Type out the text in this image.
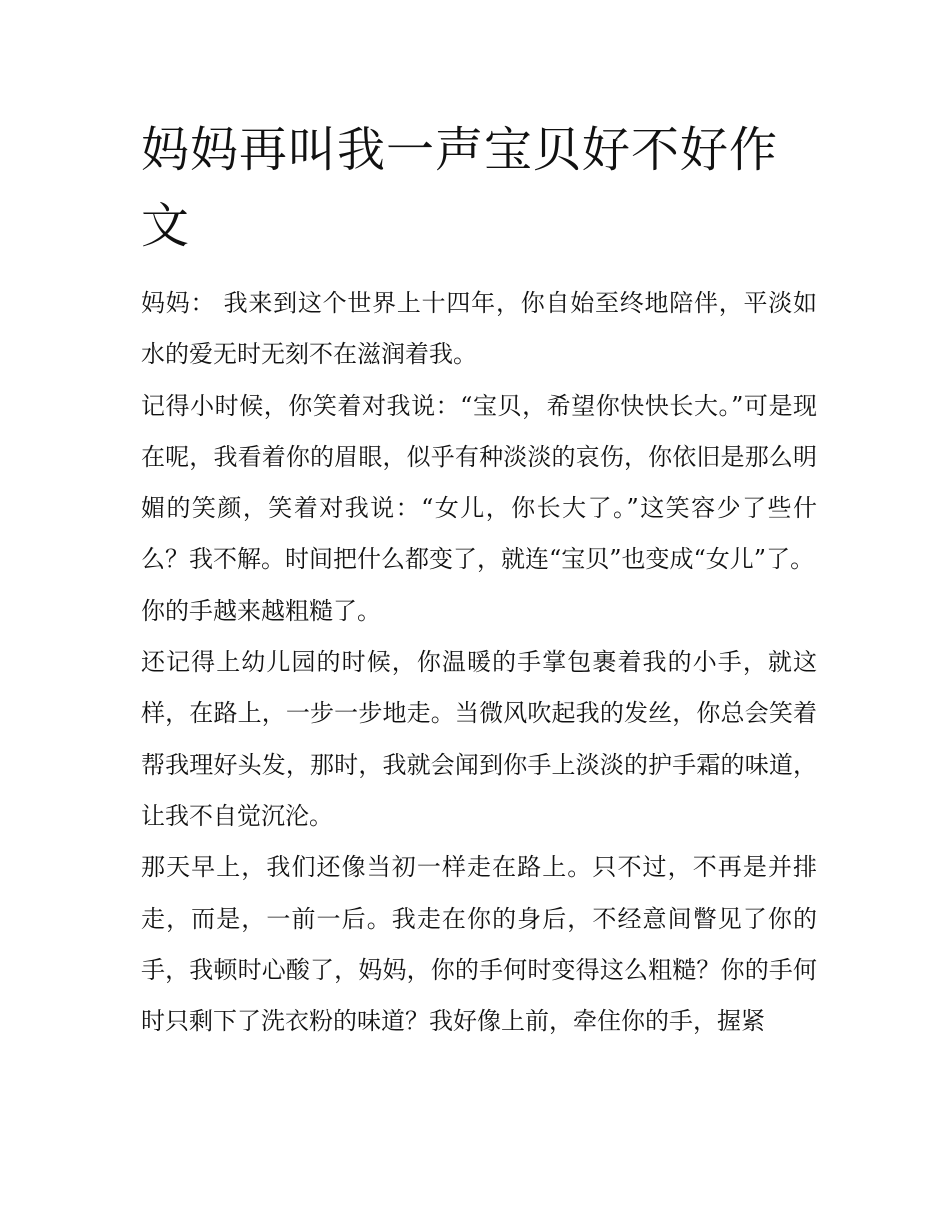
妈妈再叫我一声宝贝好不好作文

妈妈： 我来到这个世界上十四年，你自始至终地陪伴，平淡如水的爱无时无刻不在滋润着我。

记得小时候，你笑着对我说：“宝贝，希望你快快长大。”可是现在呢，我看着你的眉眼，似乎有种淡淡的哀伤，你依旧是那么明媚的笑颜，笑着对我说：“女儿，你长大了。”这笑容少了些什么？我不解。时间把什么都变了，就连“宝贝”也变成“女儿”了。

你的手越来越粗糙了。

还记得上幼儿园的时候，你温暖的手掌包裹着我的小手，就这样，在路上，一步一步地走。当微风吹起我的发丝，你总会笑着帮我理好头发，那时，我就会闻到你手上淡淡的护手霜的味道，让我不自觉沉沦。

那天早上，我们还像当初一样走在路上。只不过，不再是并排走，而是，一前一后。我走在你的身后，不经意间瞥见了你的手，我顿时心酸了，妈妈，你的手何时变得这么粗糙？你的手何时只剩下了洗衣粉的味道？我好像上前，牵住你的手，握紧
